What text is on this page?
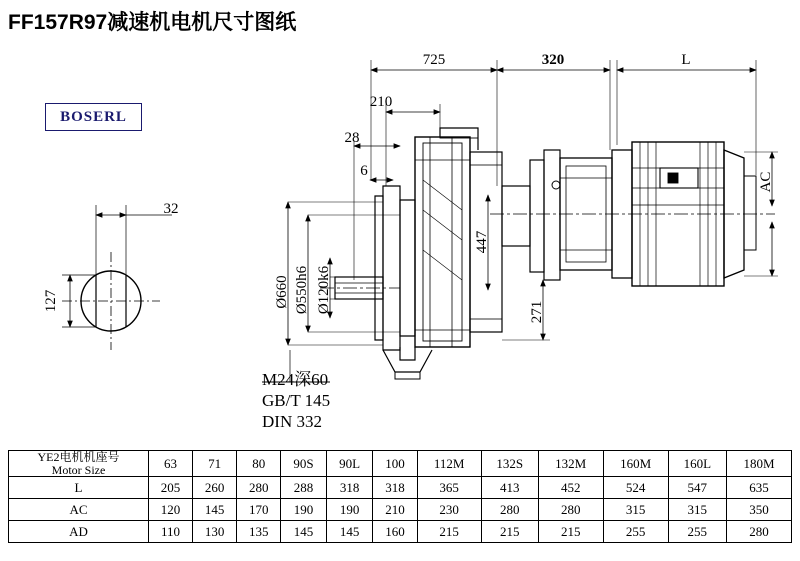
FF157R97减速机电机尺寸图纸
BOSERL
725	320	L
210
28
6
32
127	Ø660 Ø550h6 Ø120k6
447
271
AC
M24深60
GB/T 145
DIN 332
YE2电机机座号
Motor Size	63	71	80	90S	90L	100	112M	132S	132M	160M	160L	180M
L	205	260	280	288	318	318	365	413	452	524	547	635
AC	120	145	170	190	190	210	230	280	280	315	315	350
AD	110	130	135	145	145	160	215	215	215	255	255	280
